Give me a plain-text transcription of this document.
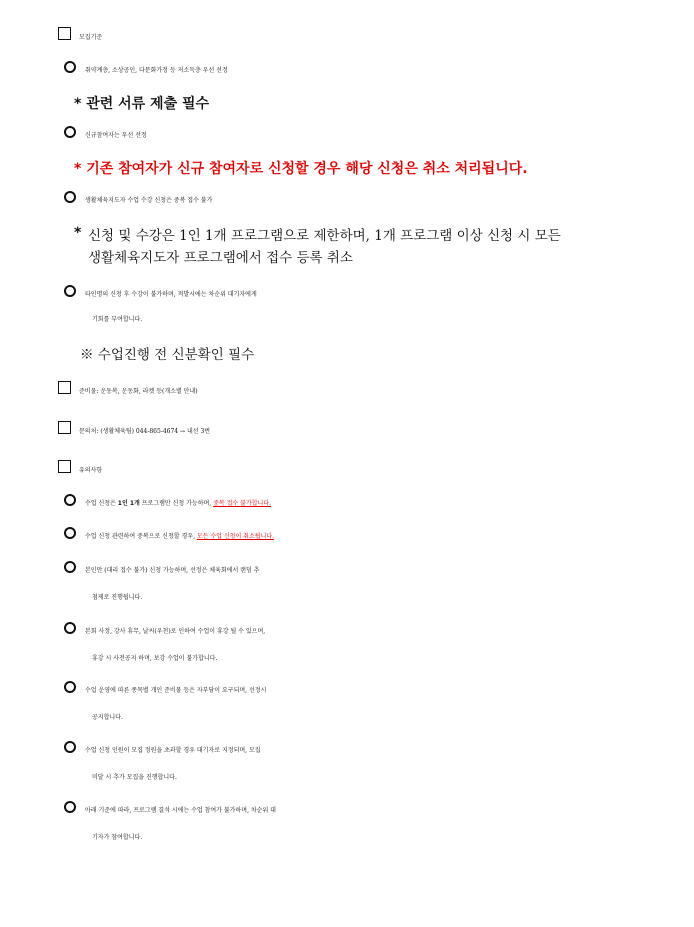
모집기준
취약계층, 소상공인, 다문화가정 등 저소득층 우선 선정
* 관련 서류 제출 필수
신규참여자는 우선 선정
* 기존 참여자가 신규 참여자로 신청할 경우 해당 신청은 취소 처리됩니다.
생활체육지도자 수업 수강 신청은 중복 접수 불가
* 신청 및 수강은 1인 1개 프로그램으로 제한하며, 1개 프로그램 이상 신청 시 모든
생활체육지도자 프로그램에서 접수 등록 취소
타인명의 신청 후 수강이 불가하며, 적발시에는 차순위 대기자에게
기회를 부여합니다.
※ 수업진행 전 신분확인 필수
준비물: 운동복, 운동화, 라켓 등(개소별 안내)
문의처: (생활체육팀) 044-865-4674 → 내선 3번
유의사항
수업 신청은 1인 1개 프로그램만 신청 가능하며, 중복 접수 불가합니다.
수업 신청 관련하여 중복으로 신청할 경우, 모든 수업 신청이 취소됩니다.
본인만 (대리 접수 불가) 신청 가능하며, 선정은 체육회에서 랜덤 추
첨제로 진행됩니다.
본회 사정, 강사 휴무, 날씨(우천)로 인하여 수업이 휴강 될 수 있으며,
휴강 시 사전공지 하며, 보강 수업이 불가합니다.
수업 운영에 따른 종목별 개인 준비물 등은 자부담이 요구되며, 선정시
공지합니다.
수업 신청 인원이 모집 정원을 초과할 경우 대기자로 지정되며, 모집
미달 시 추가 모집을 진행합니다.
아래 기준에 따라, 프로그램 결석 시에는 수업 참여가 불가하며, 차순위 대
기자가 참여합니다.
